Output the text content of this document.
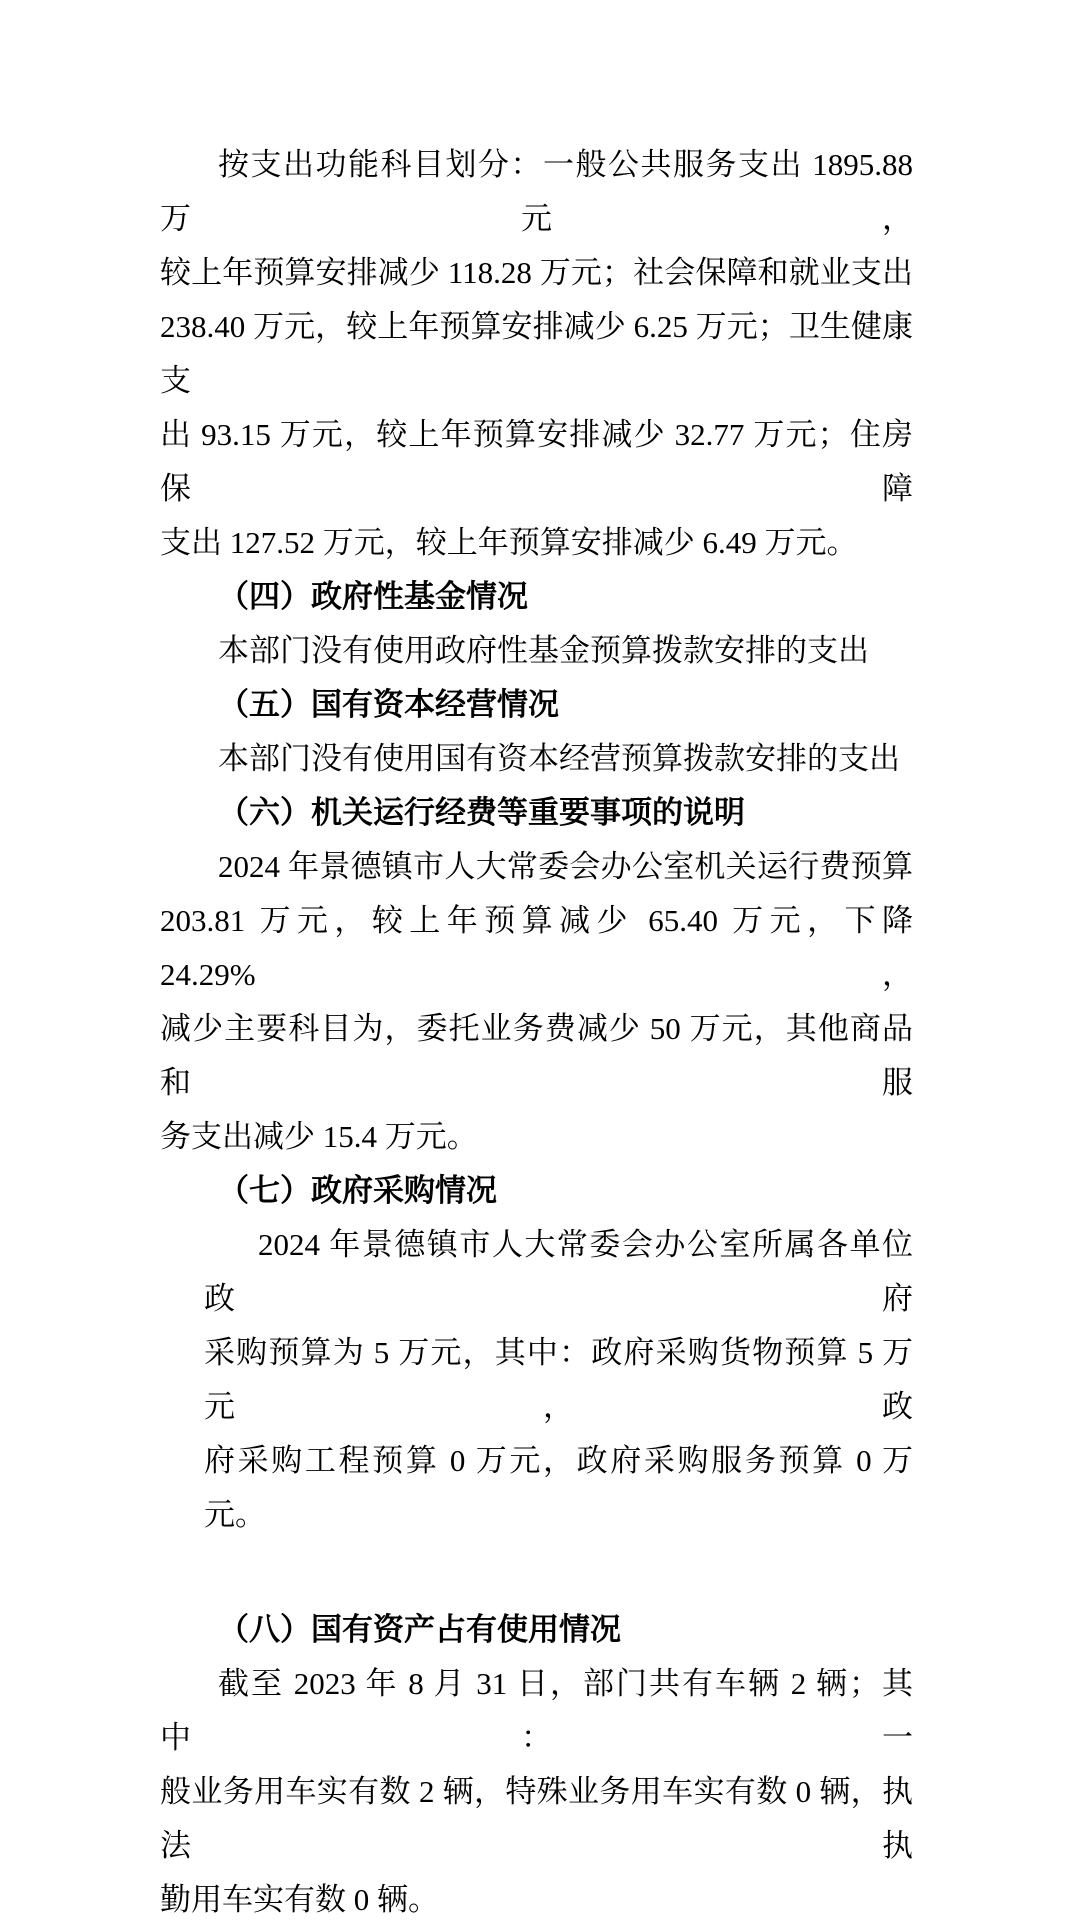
按支出功能科目划分：一般公共服务支出 1895.88 万元，
较上年预算安排减少 118.28 万元；社会保障和就业支出
238.40 万元，较上年预算安排减少 6.25 万元；卫生健康支
出 93.15 万元，较上年预算安排减少 32.77 万元；住房保障
支出 127.52 万元，较上年预算安排减少 6.49 万元。
（四）政府性基金情况
本部门没有使用政府性基金预算拨款安排的支出
（五）国有资本经营情况
本部门没有使用国有资本经营预算拨款安排的支出
（六）机关运行经费等重要事项的说明
2024 年景德镇市人大常委会办公室机关运行费预算
203.81 万元，较上年预算减少 65.40 万元，下降 24.29%，
减少主要科目为，委托业务费减少 50 万元，其他商品和服
务支出减少 15.4 万元。
（七）政府采购情况
2024 年景德镇市人大常委会办公室所属各单位政府
采购预算为 5 万元，其中：政府采购货物预算 5 万元，政
府采购工程预算 0 万元，政府采购服务预算 0 万元。
（八）国有资产占有使用情况
截至 2023 年 8 月 31 日，部门共有车辆 2 辆；其中：一
般业务用车实有数 2 辆，特殊业务用车实有数 0 辆，执法执
勤用车实有数 0 辆。
